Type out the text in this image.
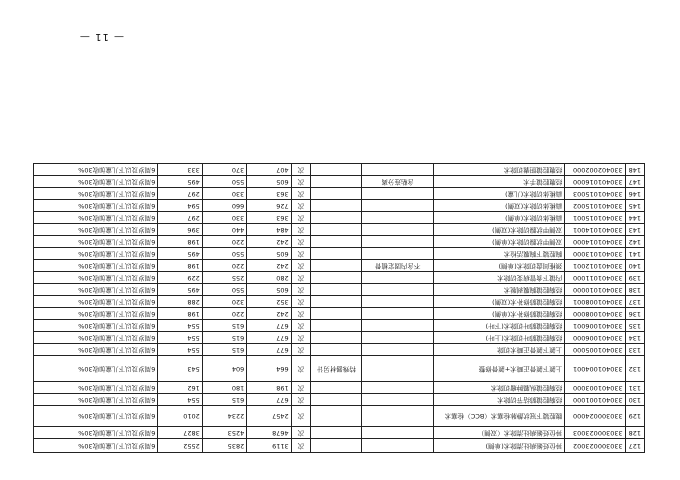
— 11 —
127	330300023002	异位妊娠病灶清除术(单侧)			次	3119	2835	2552	6周岁及以下儿童加收30%
128	330300023003	异位妊娠病灶清除术（双侧）			次	4678	4253	3827	6周岁及以下儿童加收30%
129	330300024000	腹腔镜下冠状静脉栓塞术（BCC）栓塞术			次	2457	2234	2010	6周岁及以下儿童加收30%
130	330401001000	经胸腔镜肺结节切除术			次	677	615	554	6周岁及以下儿童加收30%
131	330401003000	经胸腔镜纵膈肿瘤切除术			次	198	180	162	6周岁及以下儿童加收30%
132	330401004001	上颌下颌骨正畸术+颌骨修整		特殊器材另计	次	664	604	543	6周岁及以下儿童加收30%
133	330401005000	上颌下颌骨正畸术切除			次	677	615	554	6周岁及以下儿童加收30%
134	330401006000	经胸腔镜肺叶切除术(上叶)			次	677	615	554	6周岁及以下儿童加收30%
135	330401006001	经胸腔镜肺叶切除术(下叶)			次	677	615	554	6周岁及以下儿童加收30%
136	330401008000	经胸腔镜肺修补术(单侧)			次	242	220	198	6周岁及以下儿童加收30%
137	330401008001	经胸腔镜肺修补术(双侧)			次	352	320	288	6周岁及以下儿童加收30%
138	330401010000	经胸腔镜胸膜剥脱术			次	605	550	495	6周岁及以下儿童加收30%
139	330401011000	内镜下食管病变切除术			次	280	255	229	6周岁及以下儿童加收30%
140	330401012001	颈椎间盘切除术(单侧)	不含内固定植骨		次	242	220	198	6周岁及以下儿童加收30%
141	330401013000	胸腔镜下胸膜活检术			次	605	550	495	6周岁及以下儿童加收30%
142	330401014000	双侧甲状腺切除术(单侧)			次	242	220	198	6周岁及以下儿童加收30%
143	330401014001	双侧甲状腺切除术(双侧)			次	484	440	396	6周岁及以下儿童加收30%
144	330401015001	扁桃体切除术(单侧)			次	363	330	297	6周岁及以下儿童加收30%
145	330401015002	扁桃体切除术(双侧)			次	726	660	594	6周岁及以下儿童加收30%
146	330401015003	扁桃体切除术(儿童)			次	363	330	297	6周岁及以下儿童加收30%
147	330401016000	经腹腔镜手术	含粘连分离		次	605	550	495	6周岁及以下儿童加收30%
148	330402002000	经腹腔镜胆囊切除术			次	407	370	333	6周岁及以下儿童加收30%
